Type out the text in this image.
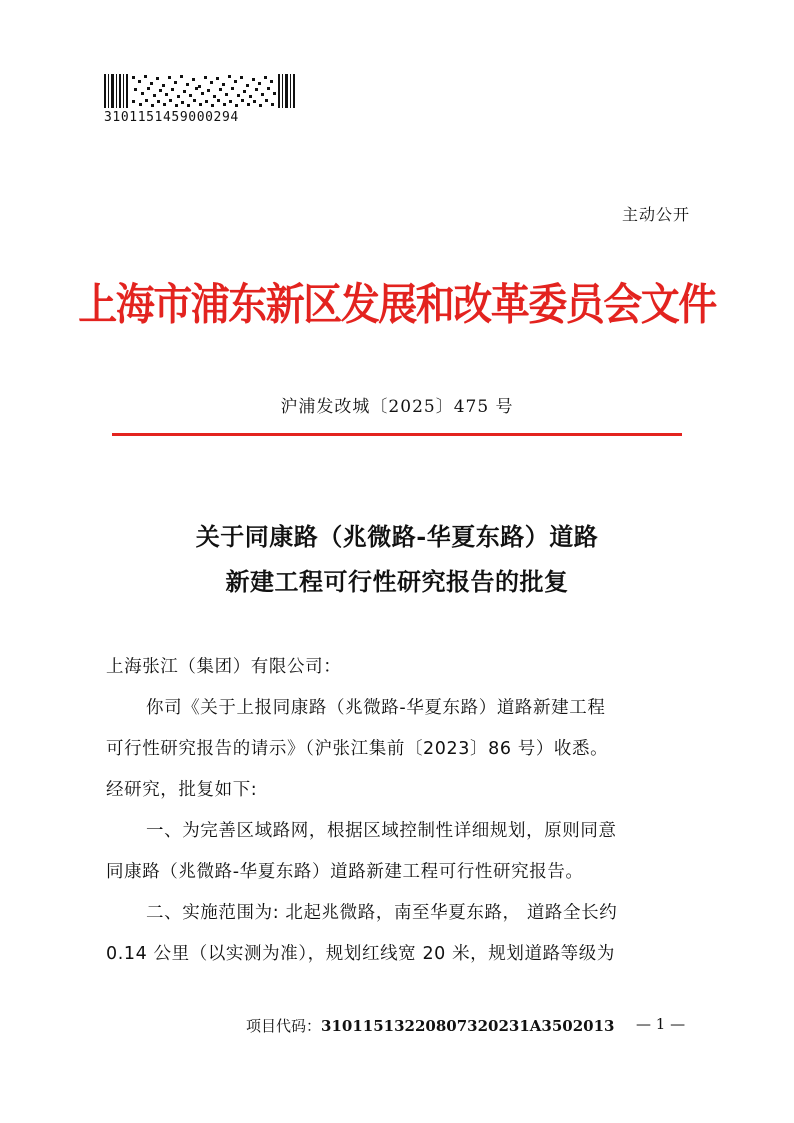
3101151459000294
主动公开
上海市浦东新区发展和改革委员会文件
沪浦发改城〔2025〕475 号
关于同康路（兆微路-华夏东路）道路
新建工程可行性研究报告的批复
上海张江（集团）有限公司：
你司《关于上报同康路（兆微路-华夏东路）道路新建工程
可行性研究报告的请示》（沪张江集前〔2023〕86 号）收悉。
经研究，批复如下:
一、为完善区域路网，根据区域控制性详细规划，原则同意
同康路（兆微路-华夏东路）道路新建工程可行性研究报告。
二、实施范围为: 北起兆微路，南至华夏东路， 道路全长约
0.14 公里（以实测为准），规划红线宽 20 米，规划道路等级为
项目代码：3101151322080732023​1A3502013 — 1 —
